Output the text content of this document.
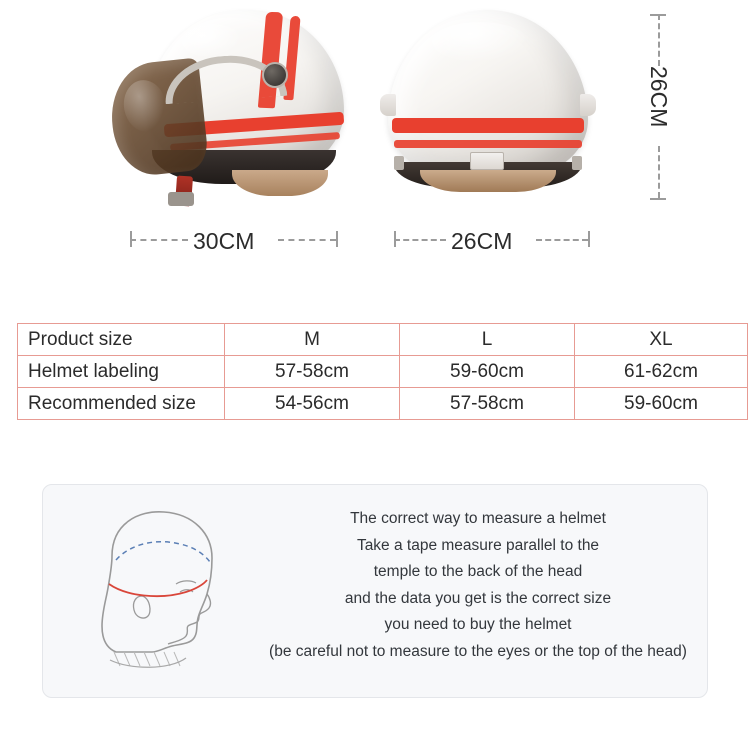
30CM	26CM
26CM
Product size	M	L	XL
Helmet labeling	57-58cm	59-60cm	61-62cm
Recommended size	54-56cm	57-58cm	59-60cm
The correct way to measure a helmet
Take a tape measure parallel to the
temple to the back of the head
and the data you get is the correct size
you need to buy the helmet
(be careful not to measure to the eyes or the top of the head)
